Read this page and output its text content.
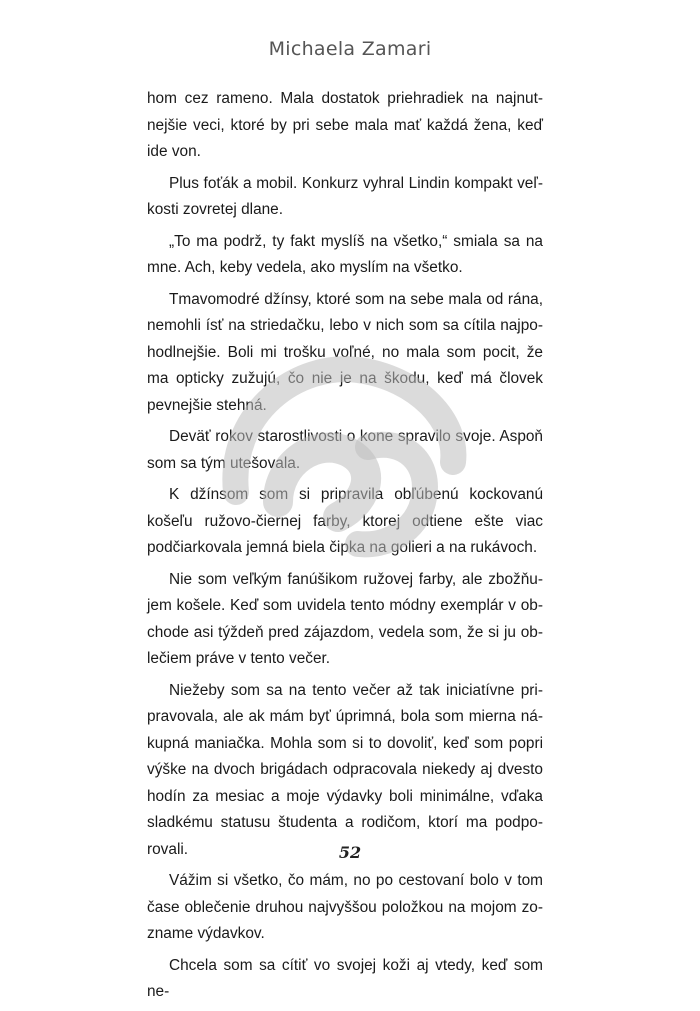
Michaela Zamari

hom cez rameno. Mala dostatok priehradiek na najnutnejšie veci, ktoré by pri sebe mala mať každá žena, keď ide von.

Plus foťák a mobil. Konkurz vyhral Lindin kompakt veľkosti zovretej dlane.

„To ma podrž, ty fakt myslíš na všetko,“ smiala sa na mne. Ach, keby vedela, ako myslím na všetko.

Tmavomodré džínsy, ktoré som na sebe mala od rána, nemohli ísť na striedačku, lebo v nich som sa cítila najpohodlnejšie. Boli mi trošku voľné, no mala som pocit, že ma opticky zužujú, čo nie je na škodu, keď má človek pevnejšie stehná.

Deväť rokov starostlivosti o kone spravilo svoje. Aspoň som sa tým utešovala.

K džínsom som si pripravila obľúbenú kockovanú košeľu ružovo-čiernej farby, ktorej odtiene ešte viac podčiarkovala jemná biela čipka na golieri a na rukávoch.

Nie som veľkým fanúšikom ružovej farby, ale zbožňujem košele. Keď som uvidela tento módny exemplár v obchode asi týždeň pred zájazdom, vedela som, že si ju oblečiem práve v tento večer.

Niežeby som sa na tento večer až tak iniciatívne pripravovala, ale ak mám byť úprimná, bola som mierna nákupná maniačka. Mohla som si to dovoliť, keď som popri výške na dvoch brigádach odpracovala niekedy aj dvesto hodín za mesiac a moje výdavky boli minimálne, vďaka sladkému statusu študenta a rodičom, ktorí ma podporovali.

Vážim si všetko, čo mám, no po cestovaní bolo v tom čase oblečenie druhou najvyššou položkou na mojom zozname výdavkov.

Chcela som sa cítiť vo svojej koži aj vtedy, keď som ne-

52
